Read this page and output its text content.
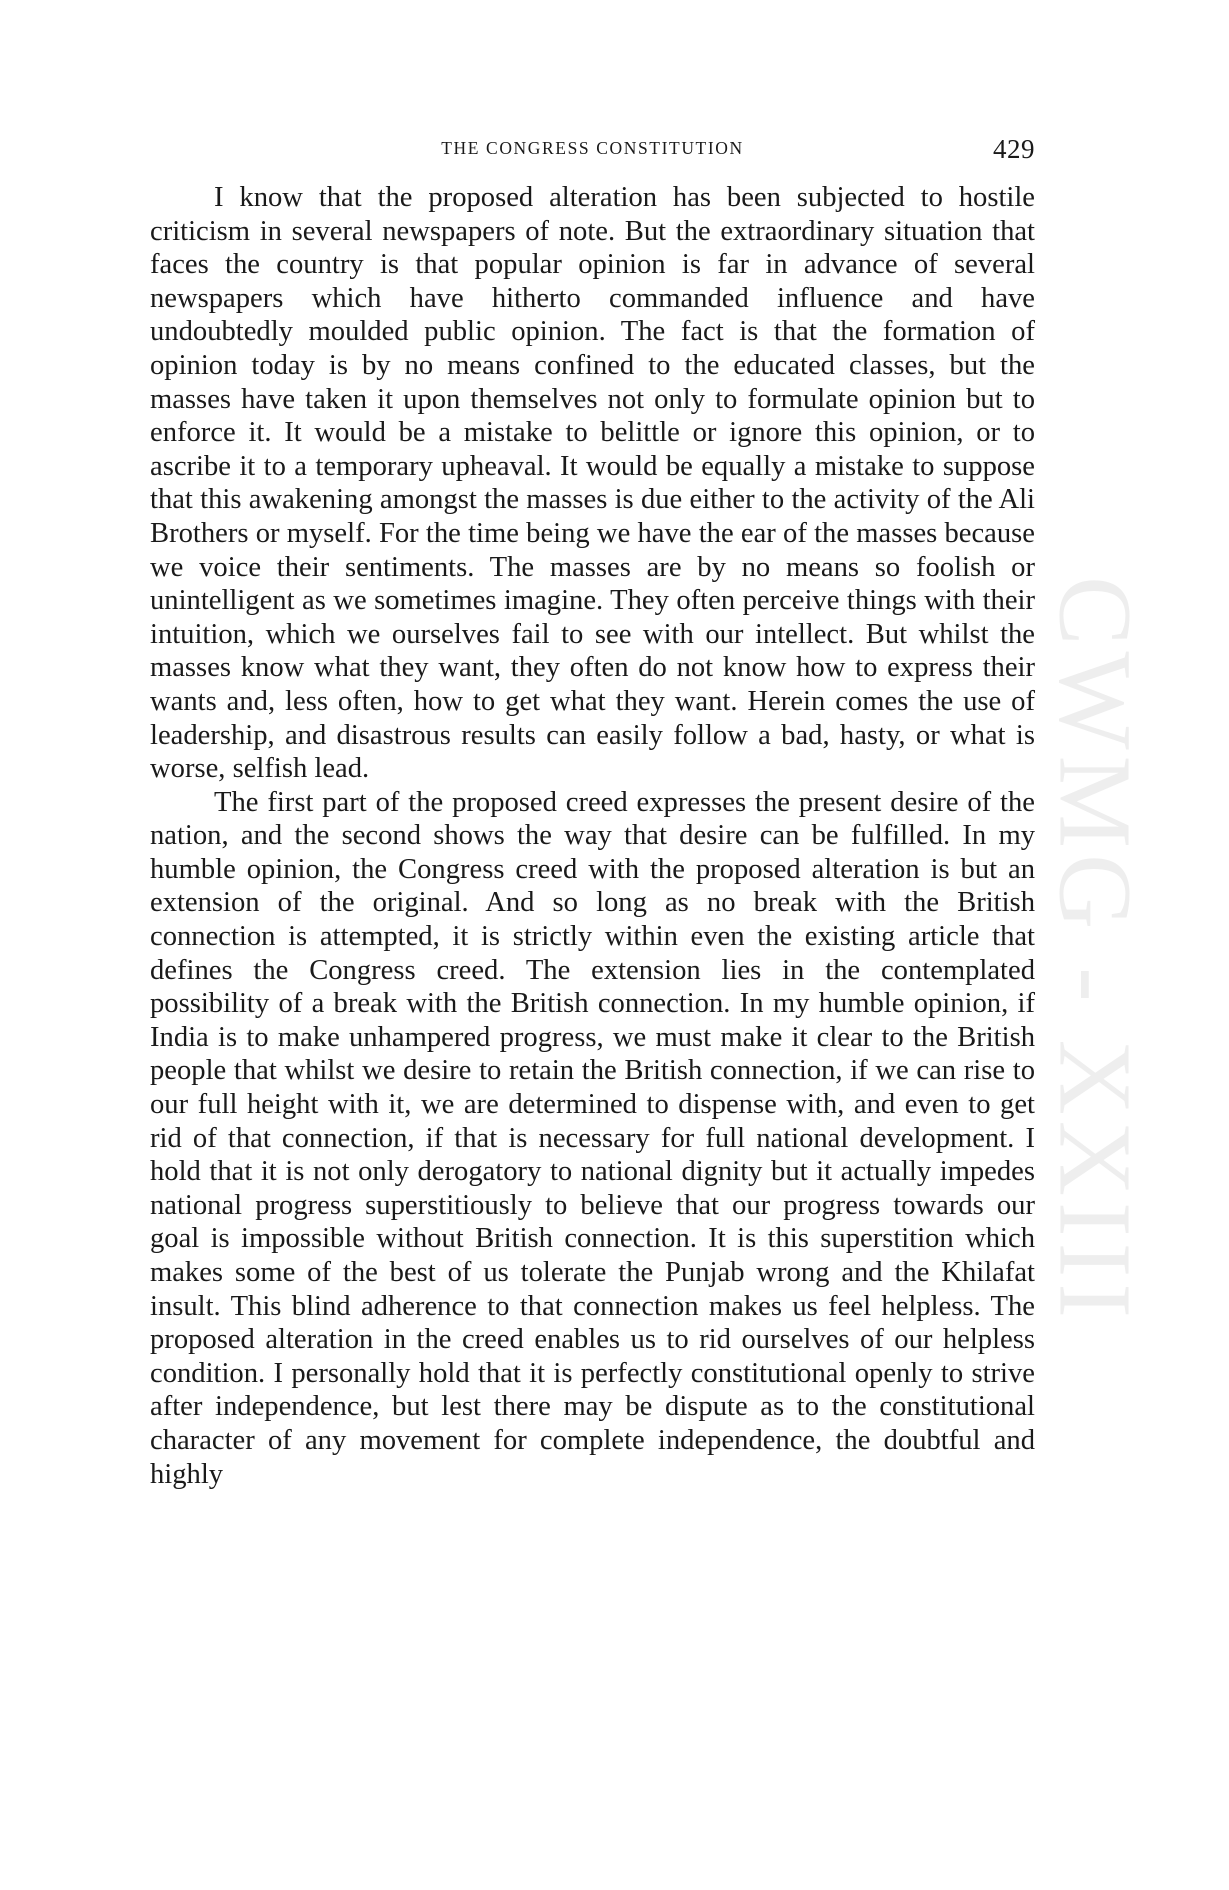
CWMG - XXIII
THE CONGRESS CONSTITUTION	429

I know that the proposed alteration has been subjected to hostile criticism in several newspapers of note. But the extraordinary situation that faces the country is that popular opinion is far in advance of several newspapers which have hitherto commanded influence and have undoubtedly moulded public opinion. The fact is that the formation of opinion today is by no means confined to the educated classes, but the masses have taken it upon themselves not only to formulate opinion but to enforce it. It would be a mistake to belittle or ignore this opinion, or to ascribe it to a temporary upheaval. It would be equally a mistake to suppose that this awakening amongst the masses is due either to the activity of the Ali Brothers or myself. For the time being we have the ear of the masses because we voice their sentiments. The masses are by no means so foolish or unintelligent as we sometimes imagine. They often perceive things with their intuition, which we ourselves fail to see with our intellect. But whilst the masses know what they want, they often do not know how to express their wants and, less often, how to get what they want. Herein comes the use of leadership, and disastrous results can easily follow a bad, hasty, or what is worse, selfish lead.

The first part of the proposed creed expresses the present desire of the nation, and the second shows the way that desire can be fulfilled. In my humble opinion, the Congress creed with the proposed alteration is but an extension of the original. And so long as no break with the British connection is attempted, it is strictly within even the existing article that defines the Congress creed. The extension lies in the contemplated possibility of a break with the British connection. In my humble opinion, if India is to make unhampered progress, we must make it clear to the British people that whilst we desire to retain the British connection, if we can rise to our full height with it, we are determined to dispense with, and even to get rid of that connection, if that is necessary for full national development. I hold that it is not only derogatory to national dignity but it actually impedes national progress superstitiously to believe that our progress towards our goal is impossible without British connection. It is this superstition which makes some of the best of us tolerate the Punjab wrong and the Khilafat insult. This blind adherence to that connection makes us feel helpless. The proposed alteration in the creed enables us to rid ourselves of our helpless condition. I personally hold that it is perfectly constitutional openly to strive after independence, but lest there may be dispute as to the constitutional character of any movement for complete independence, the doubtful and highly
